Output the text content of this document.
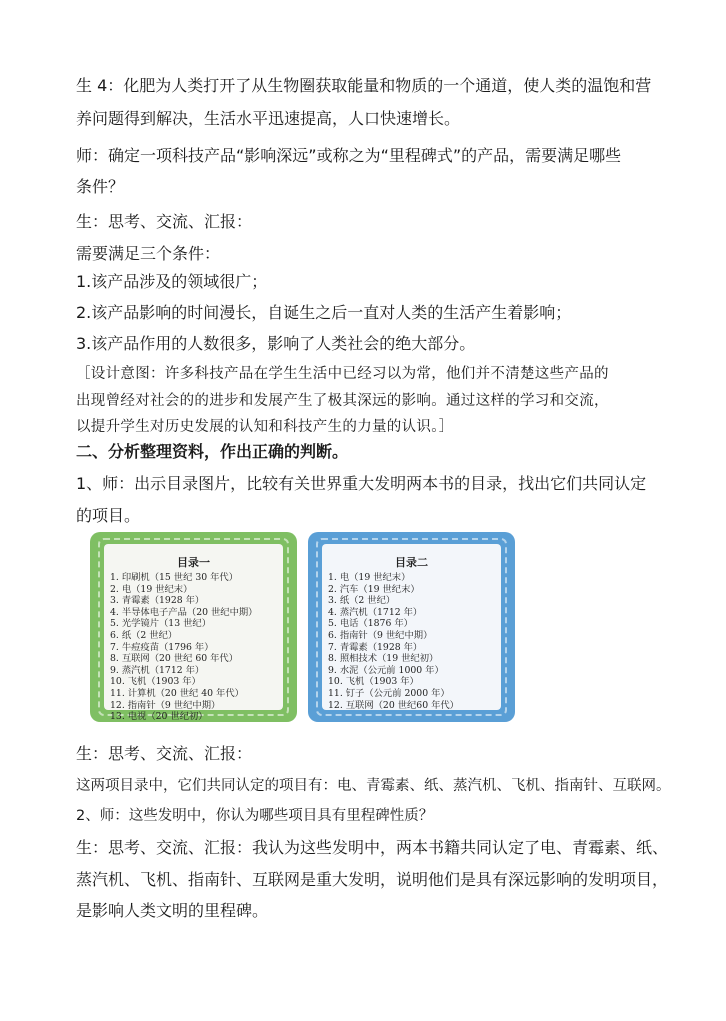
生 4：化肥为人类打开了从生物圈获取能量和物质的一个通道，使人类的温饱和营
养问题得到解决，生活水平迅速提高，人口快速增长。
师：确定一项科技产品“影响深远”或称之为“里程碑式”的产品，需要满足哪些
条件？
生：思考、交流、汇报：
需要满足三个条件：
1.该产品涉及的领域很广；
2.该产品影响的时间漫长，自诞生之后一直对人类的生活产生着影响；
3.该产品作用的人数很多，影响了人类社会的绝大部分。
［设计意图：许多科技产品在学生生活中已经习以为常，他们并不清楚这些产品的
出现曾经对社会的的进步和发展产生了极其深远的影响。通过这样的学习和交流，
以提升学生对历史发展的认知和科技产生的力量的认识。］
二、分析整理资料，作出正确的判断。
1、师：出示目录图片，比较有关世界重大发明两本书的目录，找出它们共同认定
的项目。
目录一
1. 印刷机（15 世纪 30 年代）
2. 电（19 世纪末）
3. 青霉素（1928 年）
4. 半导体电子产品（20 世纪中期）
5. 光学镜片（13 世纪）
6. 纸（2 世纪）
7. 牛痘疫苗（1796 年）
8. 互联网（20 世纪 60 年代）
9. 蒸汽机（1712 年）
10. 飞机（1903 年）
11. 计算机（20 世纪 40 年代）
12. 指南针（9 世纪中期）
13. 电视（20 世纪初）
目录二
1. 电（19 世纪末）
2. 汽车（19 世纪末）
3. 纸（2 世纪）
4. 蒸汽机（1712 年）
5. 电话（1876 年）
6. 指南针（9 世纪中期）
7. 青霉素（1928 年）
8. 照相技术（19 世纪初）
9. 水泥（公元前 1000 年）
10. 飞机（1903 年）
11. 钉子（公元前 2000 年）
12. 互联网（20 世纪60 年代）
生：思考、交流、汇报：
这两项目录中，它们共同认定的项目有：电、青霉素、纸、蒸汽机、飞机、指南针、互联网。
2、师：这些发明中，你认为哪些项目具有里程碑性质？
生：思考、交流、汇报：我认为这些发明中，两本书籍共同认定了电、青霉素、纸、
蒸汽机、飞机、指南针、互联网是重大发明，说明他们是具有深远影响的发明项目，
是影响人类文明的里程碑。
